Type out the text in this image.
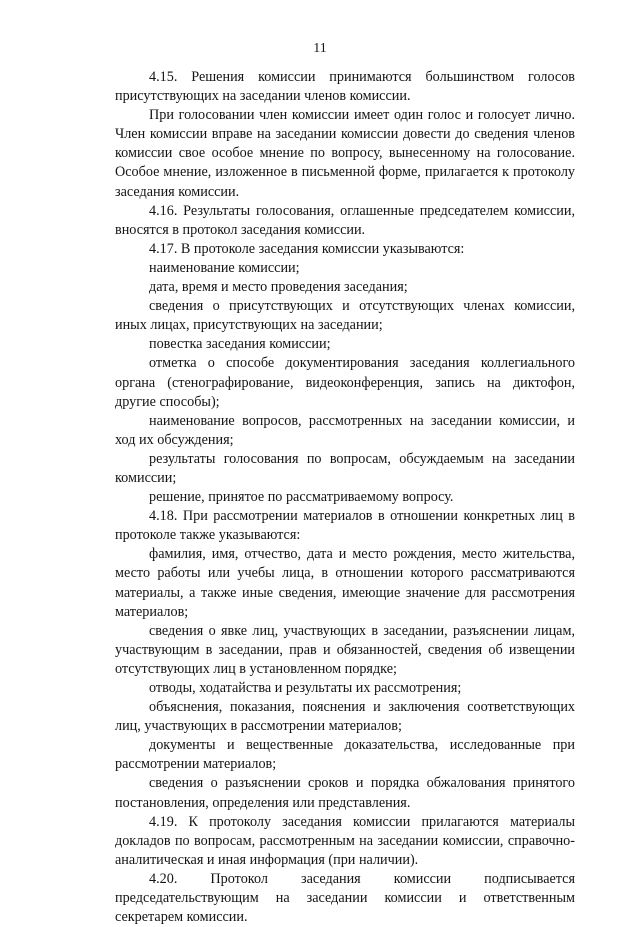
11

4.15. Решения комиссии принимаются большинством голосов присутствующих на заседании членов комиссии.

При голосовании член комиссии имеет один голос и голосует лично. Член комиссии вправе на заседании комиссии довести до сведения членов комиссии свое особое мнение по вопросу, вынесенному на голосование. Особое мнение, изложенное в письменной форме, прилагается к протоколу заседания комиссии.

4.16. Результаты голосования, оглашенные председателем комиссии, вносятся в протокол заседания комиссии.

4.17. В протоколе заседания комиссии указываются:

наименование комиссии;

дата, время и место проведения заседания;

сведения о присутствующих и отсутствующих членах комиссии, иных лицах, присутствующих на заседании;

повестка заседания комиссии;

отметка о способе документирования заседания коллегиального органа (стенографирование, видеоконференция, запись на диктофон, другие способы);

наименование вопросов, рассмотренных на заседании комиссии, и ход их обсуждения;

результаты голосования по вопросам, обсуждаемым на заседании комиссии;

решение, принятое по рассматриваемому вопросу.

4.18. При рассмотрении материалов в отношении конкретных лиц в протоколе также указываются:

фамилия, имя, отчество, дата и место рождения, место жительства, место работы или учебы лица, в отношении которого рассматриваются материалы, а также иные сведения, имеющие значение для рассмотрения материалов;

сведения о явке лиц, участвующих в заседании, разъяснении лицам, участвующим в заседании, прав и обязанностей, сведения об извещении отсутствующих лиц в установленном порядке;

отводы, ходатайства и результаты их рассмотрения;

объяснения, показания, пояснения и заключения соответствующих лиц, участвующих в рассмотрении материалов;

документы и вещественные доказательства, исследованные при рассмотрении материалов;

сведения о разъяснении сроков и порядка обжалования принятого постановления, определения или представления.

4.19. К протоколу заседания комиссии прилагаются материалы докладов по вопросам, рассмотренным на заседании комиссии, справочно-аналитическая и иная информация (при наличии).

4.20. Протокол заседания комиссии подписывается председательствующим на заседании комиссии и ответственным секретарем комиссии.
